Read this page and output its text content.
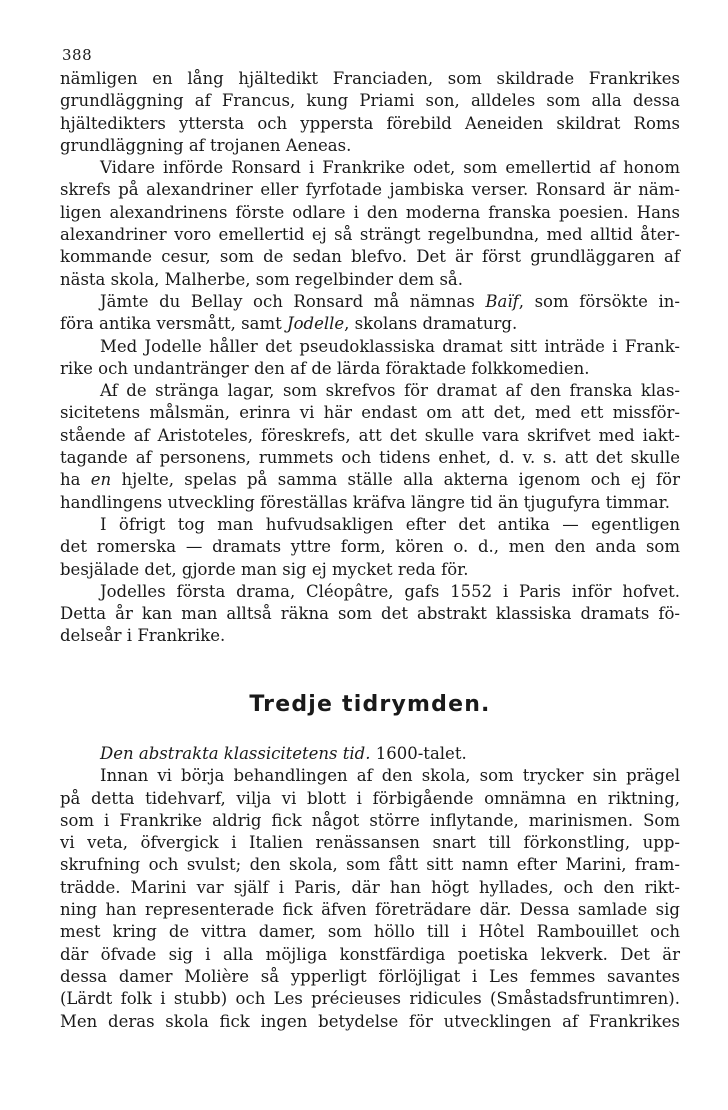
388
nämligen en lång hjältedikt Franciaden, som skildrade Frankrikes
grundläggning af Francus, kung Priami son, alldeles som alla dessa
hjältedikters yttersta och yppersta förebild Aeneiden skildrat Roms
grundläggning af trojanen Aeneas.
Vidare införde Ronsard i Frankrike odet, som emellertid af honom
skrefs på alexandriner eller fyrfotade jambiska verser. Ronsard är näm-
ligen alexandrinens förste odlare i den moderna franska poesien. Hans
alexandriner voro emellertid ej så strängt regelbundna, med alltid åter-
kommande cesur, som de sedan blefvo. Det är först grundläggaren af
nästa skola, Malherbe, som regelbinder dem så.
Jämte du Bellay och Ronsard må nämnas Baïf, som försökte in-
föra antika versmått, samt Jodelle, skolans dramaturg.
Med Jodelle håller det pseudoklassiska dramat sitt inträde i Frank-
rike och undantränger den af de lärda föraktade folkkomedien.
Af de stränga lagar, som skrefvos för dramat af den franska klas-
sicitetens målsmän, erinra vi här endast om att det, med ett missför-
stående af Aristoteles, föreskrefs, att det skulle vara skrifvet med iakt-
tagande af personens, rummets och tidens enhet, d. v. s. att det skulle
ha en hjelte, spelas på samma ställe alla akterna igenom och ej för
handlingens utveckling föreställas kräfva längre tid än tjugufyra timmar.
I öfrigt tog man hufvudsakligen efter det antika — egentligen
det romerska — dramats yttre form, kören o. d., men den anda som
besjälade det, gjorde man sig ej mycket reda för.
Jodelles första drama, Cléopâtre, gafs 1552 i Paris inför hofvet.
Detta år kan man alltså räkna som det abstrakt klassiska dramats fö-
delseår i Frankrike.
Tredje tidrymden.
Den abstrakta klassicitetens tid. 1600-talet.
Innan vi börja behandlingen af den skola, som trycker sin prägel
på detta tidehvarf, vilja vi blott i förbigående omnämna en riktning,
som i Frankrike aldrig fick något större inflytande, marinismen. Som
vi veta, öfvergick i Italien renässansen snart till förkonstling, upp-
skrufning och svulst; den skola, som fått sitt namn efter Marini, fram-
trädde. Marini var själf i Paris, där han högt hyllades, och den rikt-
ning han representerade fick äfven företrädare där. Dessa samlade sig
mest kring de vittra damer, som höllo till i Hôtel Rambouillet och
där öfvade sig i alla möjliga konstfärdiga poetiska lekverk. Det är
dessa damer Molière så ypperligt förlöjligat i Les femmes savantes
(Lärdt folk i stubb) och Les précieuses ridicules (Småstadsfruntimren).
Men deras skola fick ingen betydelse för utvecklingen af Frankrikes
